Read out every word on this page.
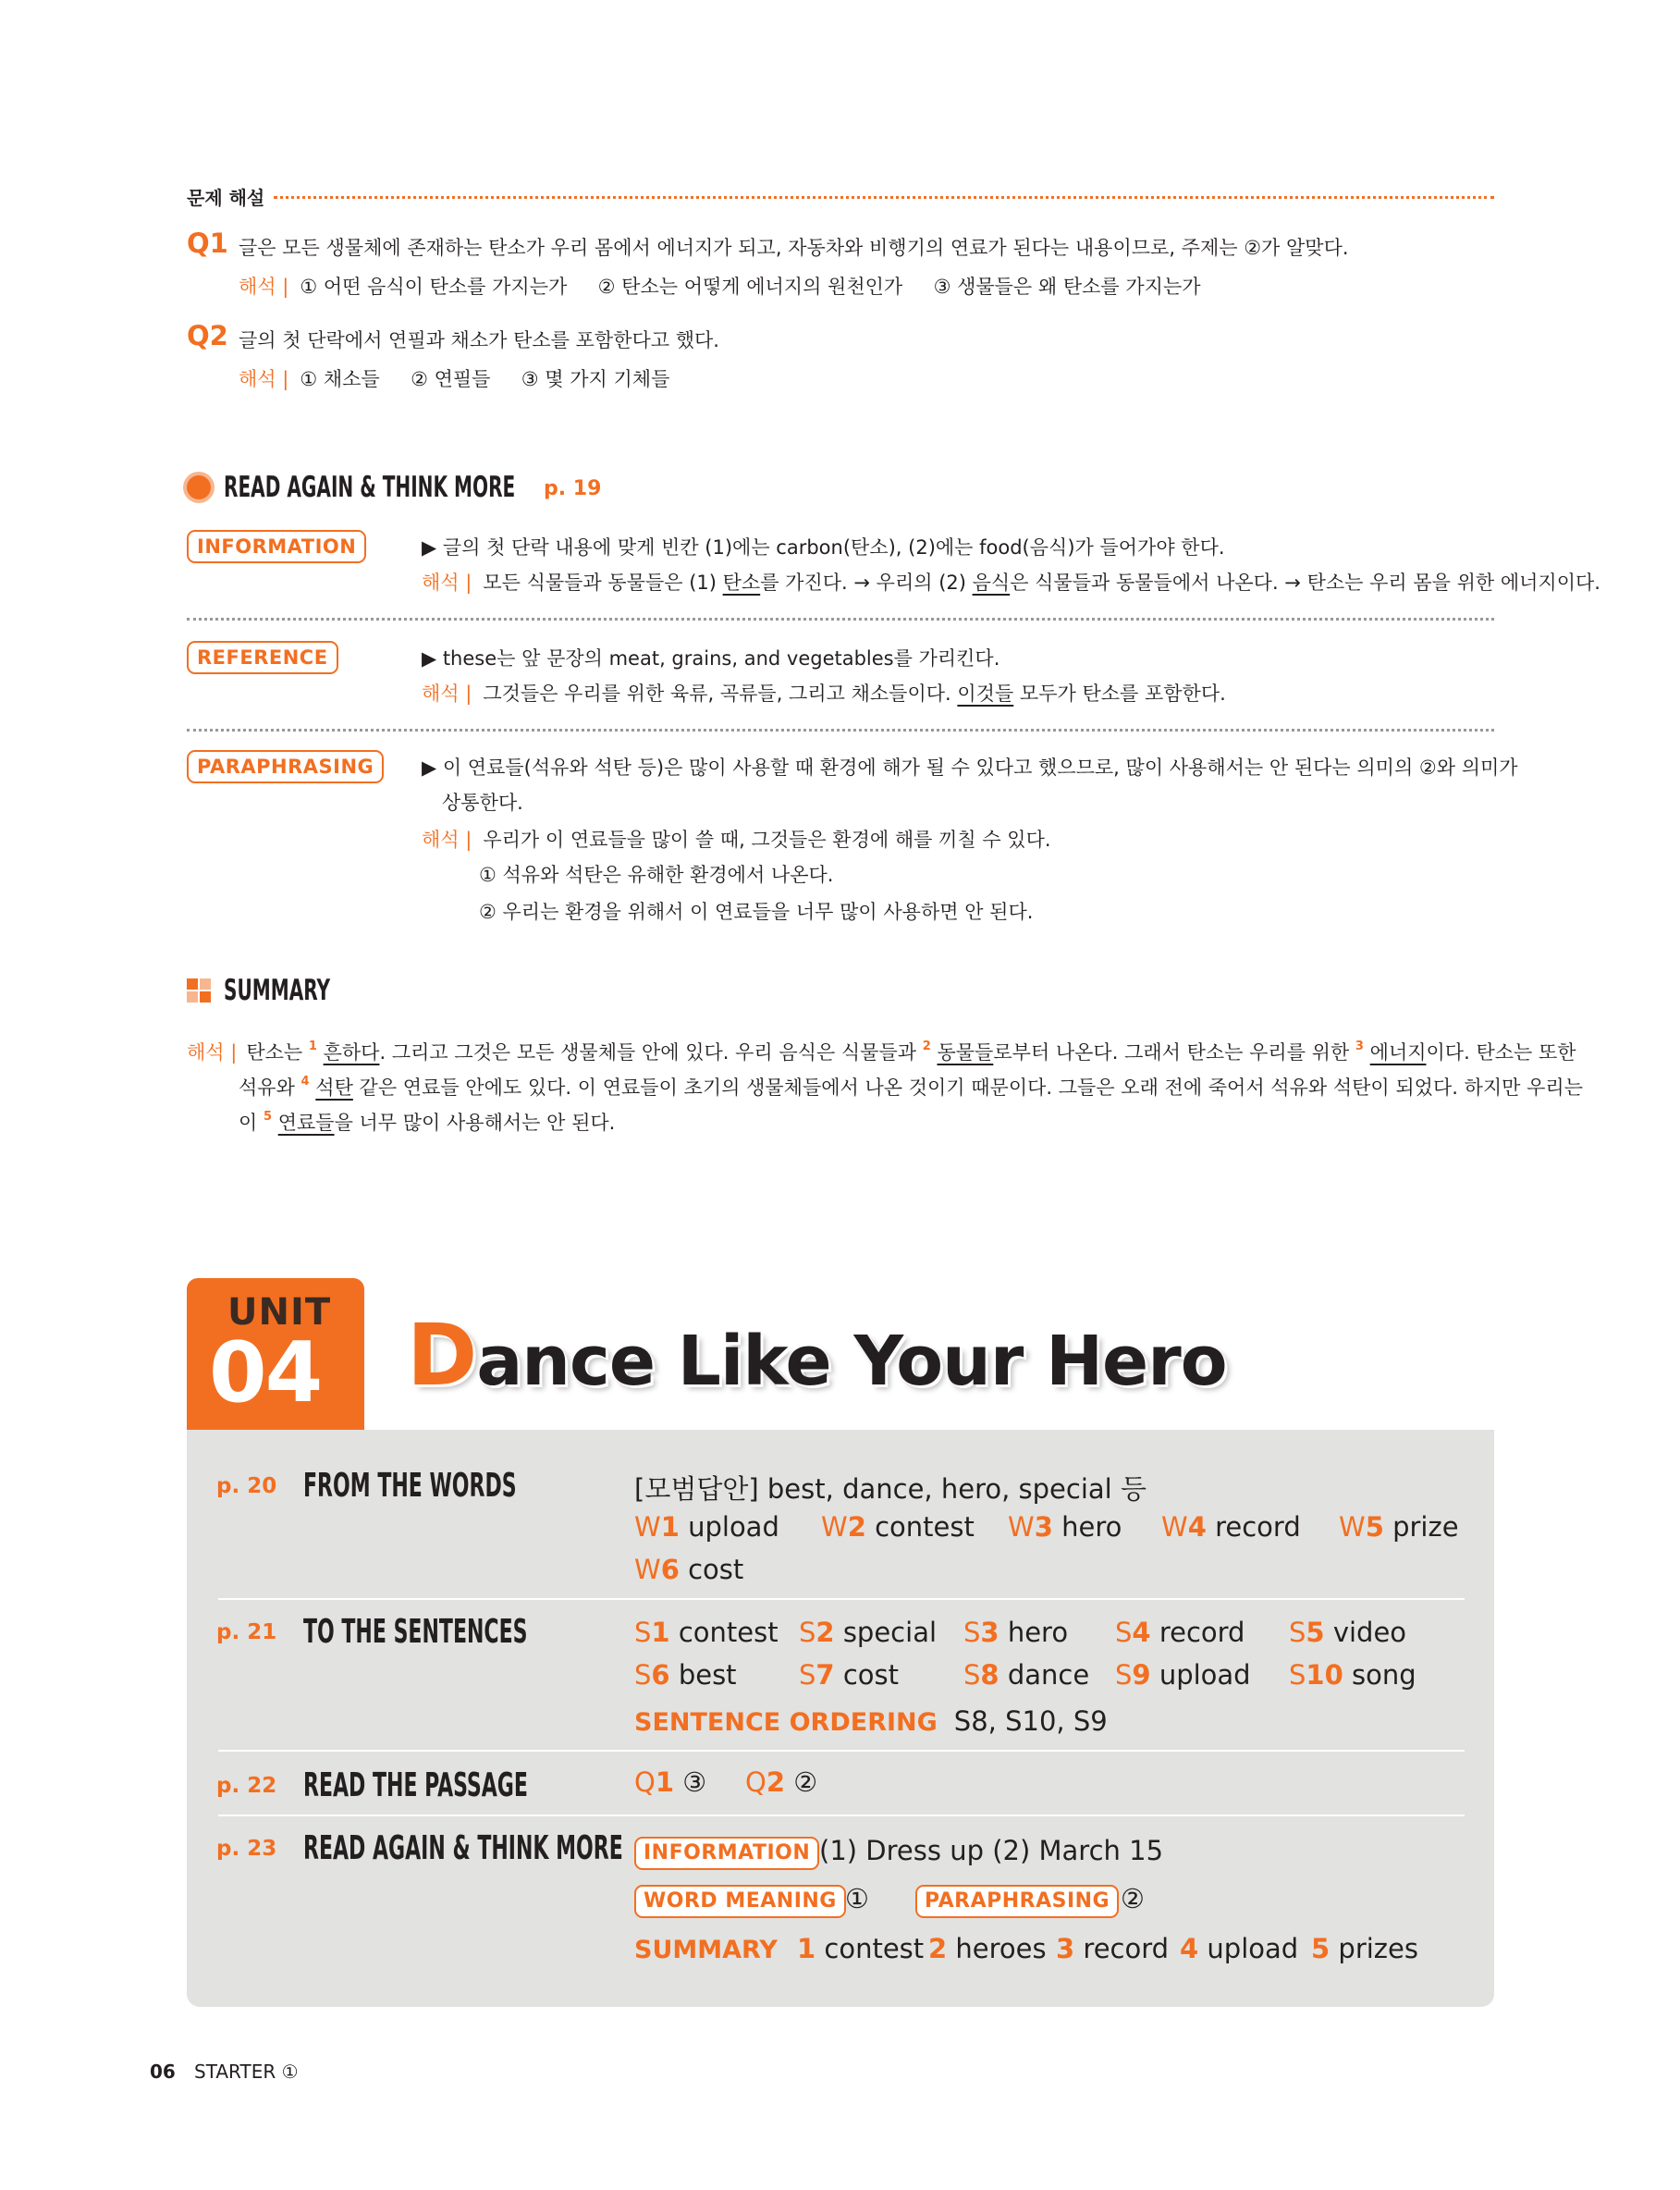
문제 해설
Q1 글은 모든 생물체에 존재하는 탄소가 우리 몸에서 에너지가 되고, 자동차와 비행기의 연료가 된다는 내용이므로, 주제는 ②가 알맞다.
해석 | ① 어떤 음식이 탄소를 가지는가     ② 탄소는 어떻게 에너지의 원천인가     ③ 생물들은 왜 탄소를 가지는가
Q2 글의 첫 단락에서 연필과 채소가 탄소를 포함한다고 했다.
해석 | ① 채소들     ② 연필들     ③ 몇 가지 기체들
READ AGAIN & THINK MORE p. 19
INFORMATION	▶ 글의 첫 단락 내용에 맞게 빈칸 (1)에는 carbon(탄소), (2)에는 food(음식)가 들어가야 한다.
해석 | 모든 식물들과 동물들은 (1) 탄소를 가진다. → 우리의 (2) 음식은 식물들과 동물들에서 나온다. → 탄소는 우리 몸을 위한 에너지이다.
REFERENCE	▶ these는 앞 문장의 meat, grains, and vegetables를 가리킨다.
해석 | 그것들은 우리를 위한 육류, 곡류들, 그리고 채소들이다. 이것들 모두가 탄소를 포함한다.
PARAPHRASING	▶ 이 연료들(석유와 석탄 등)은 많이 사용할 때 환경에 해가 될 수 있다고 했으므로, 많이 사용해서는 안 된다는 의미의 ②와 의미가
상통한다.
해석 | 우리가 이 연료들을 많이 쓸 때, 그것들은 환경에 해를 끼칠 수 있다.
① 석유와 석탄은 유해한 환경에서 나온다.
② 우리는 환경을 위해서 이 연료들을 너무 많이 사용하면 안 된다.
SUMMARY
해석 | 탄소는 $^1$ 흔하다. 그리고 그것은 모든 생물체들 안에 있다. 우리 음식은 식물들과 $^2$ 동물들로부터 나온다. 그래서 탄소는 우리를 위한 $^3$ 에너지이다. 탄소는 또한
석유와 $^4$ 석탄 같은 연료들 안에도 있다. 이 연료들이 초기의 생물체들에서 나온 것이기 때문이다. 그들은 오래 전에 죽어서 석유와 석탄이 되었다. 하지만 우리는
이 $^5$ 연료들을 너무 많이 사용해서는 안 된다.
UNIT
04 Dance Like Your Hero
p. 20 FROM THE WORDS	[모범답안] best, dance, hero, special 등
W1 upload W2 contest W3 hero W4 record W5 prize
W6 cost
p. 21 TO THE SENTENCES	S1 contest S2 special S3 hero S4 record S5 video
S6 best S7 cost S8 dance S9 upload S10 song
SENTENCE ORDERING S8, S10, S9
p. 22 READ THE PASSAGE	Q1 ③ Q2 ②
p. 23 READ AGAIN & THINK MORE	INFORMATION (1) Dress up (2) March 15
WORD MEANING ①	PARAPHRASING ②
SUMMARY 1 contest 2 heroes 3 record 4 upload 5 prizes
06 STARTER ①
